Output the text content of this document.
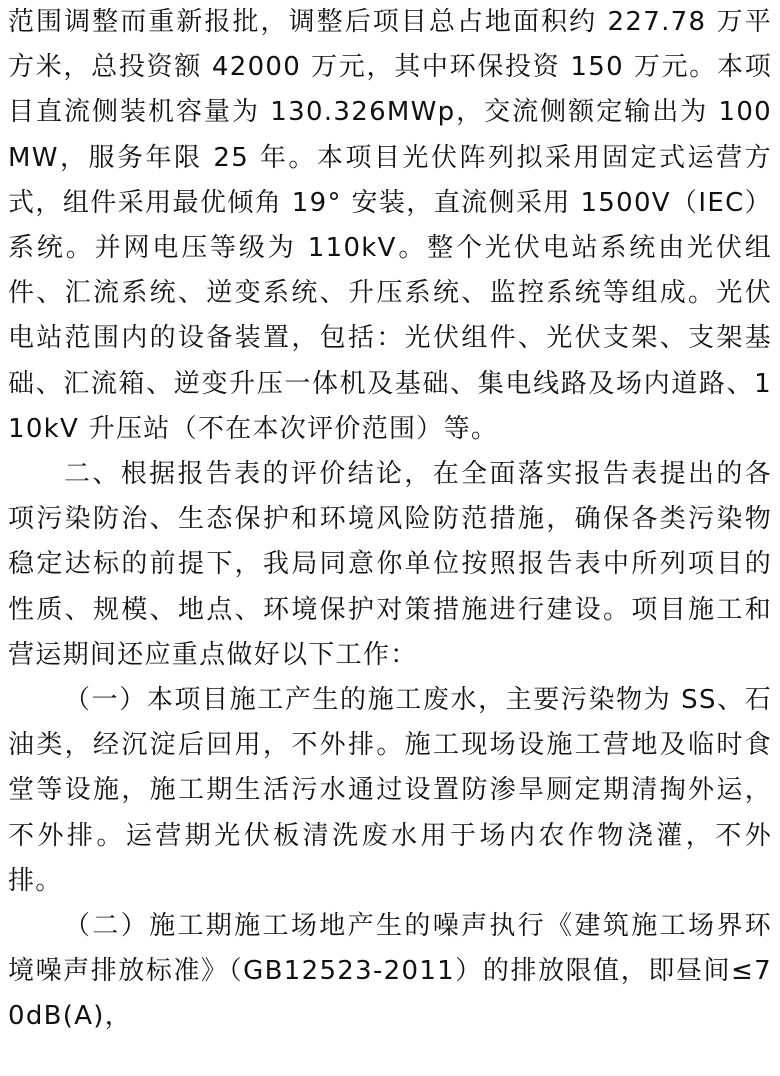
范围调整而重新报批，调整后项目总占地面积约 227.78 万平方米，总投资额 42000 万元，其中环保投资 150 万元。本项目直流侧装机容量为 130.326MWp，交流侧额定输出为 100MW，服务年限 25 年。本项目光伏阵列拟采用固定式运营方式，组件采用最优倾角 19° 安装，直流侧采用 1500V（IEC）系统。并网电压等级为 110kV。整个光伏电站系统由光伏组件、汇流系统、逆变系统、升压系统、监控系统等组成。光伏电站范围内的设备装置，包括：光伏组件、光伏支架、支架基础、汇流箱、逆变升压一体机及基础、集电线路及场内道路、110kV 升压站（不在本次评价范围）等。

二、根据报告表的评价结论，在全面落实报告表提出的各项污染防治、生态保护和环境风险防范措施，确保各类污染物稳定达标的前提下，我局同意你单位按照报告表中所列项目的性质、规模、地点、环境保护对策措施进行建设。项目施工和营运期间还应重点做好以下工作：

（一）本项目施工产生的施工废水，主要污染物为 SS、石油类，经沉淀后回用，不外排。施工现场设施工营地及临时食堂等设施，施工期生活污水通过设置防渗旱厕定期清掏外运，不外排。运营期光伏板清洗废水用于场内农作物浇灌，不外排。

（二）施工期施工场地产生的噪声执行《建筑施工场界环境噪声排放标准》（GB12523-2011）的排放限值，即昼间≤70dB(A)，
